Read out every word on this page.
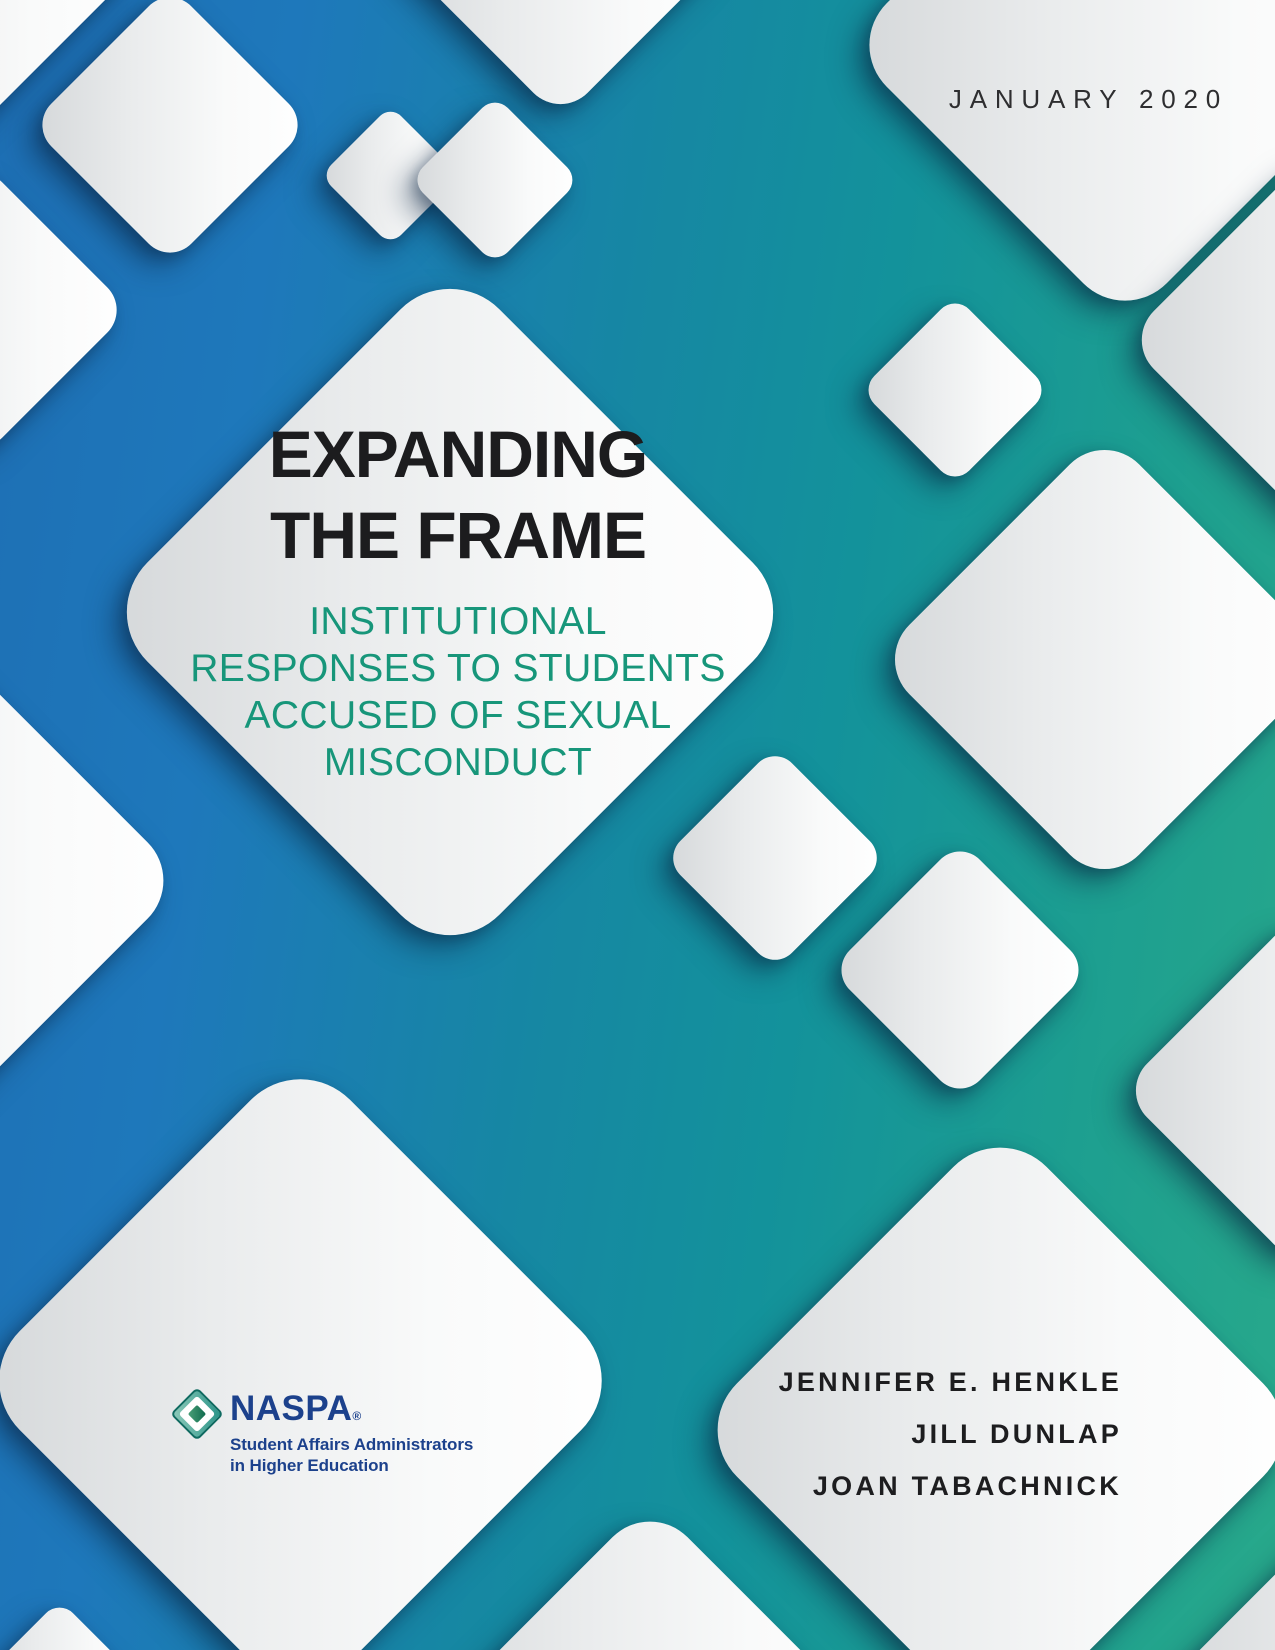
JANUARY 2020
EXPANDING
THE FRAME
INSTITUTIONAL
RESPONSES TO STUDENTS
ACCUSED OF SEXUAL
MISCONDUCT
JENNIFER E. HENKLE
JILL DUNLAP
JOAN TABACHNICK
NASPA®
Student Affairs Administrators
in Higher Education
